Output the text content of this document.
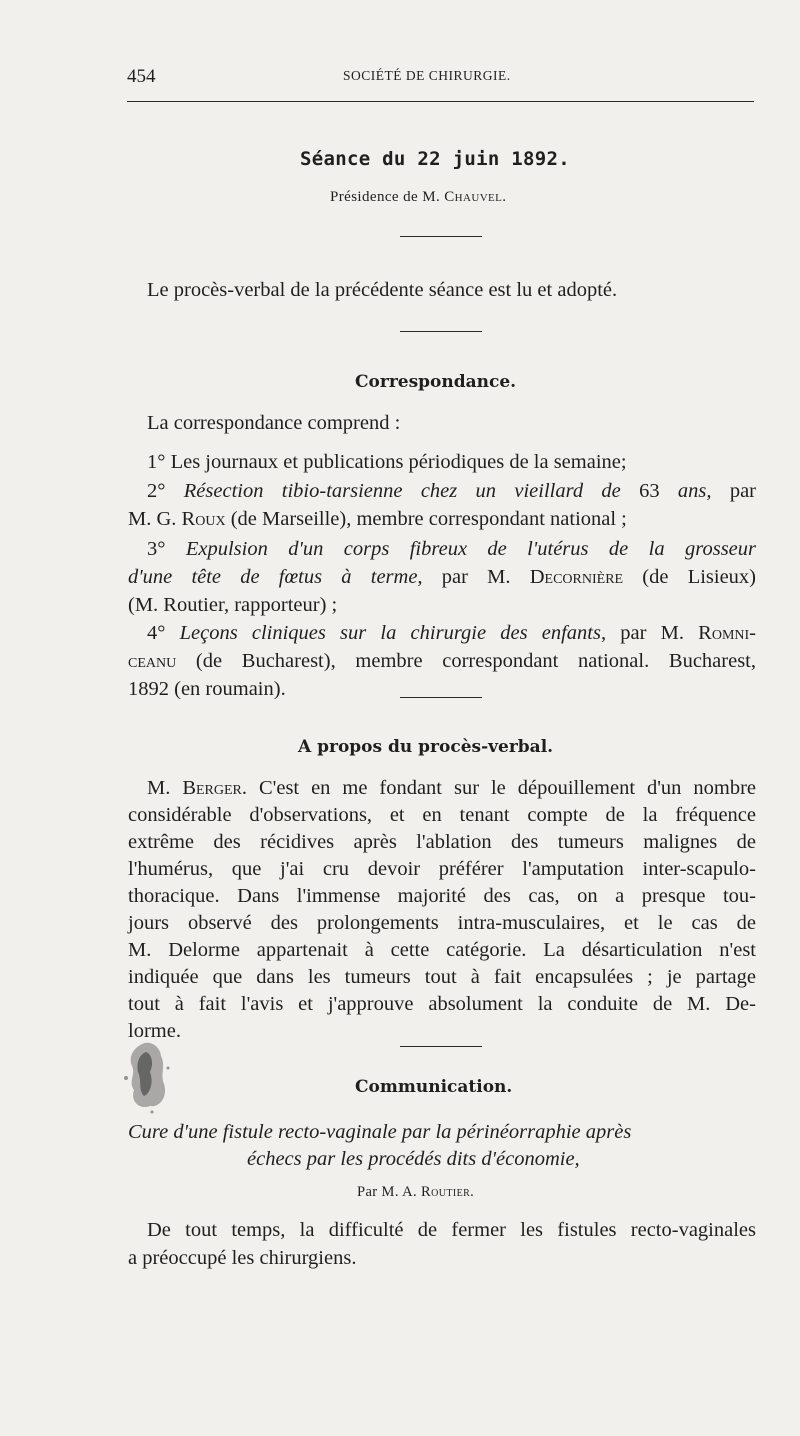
454	SOCIÉTÉ DE CHIRURGIE.
Séance du 22 juin 1892.
Présidence de M. Chauvel.
Le procès-verbal de la précédente séance est lu et adopté.
Correspondance.
La correspondance comprend :
1° Les journaux et publications périodiques de la semaine;
2° Résection tibio-tarsienne chez un vieillard de 63 ans, par
M. G. Roux (de Marseille), membre correspondant national ;
3° Expulsion d'un corps fibreux de l'utérus de la grosseur
d'une tête de fœtus à terme, par M. Decornière (de Lisieux)
(M. Routier, rapporteur) ;
4° Leçons cliniques sur la chirurgie des enfants, par M. Romni-
ceanu (de Bucharest), membre correspondant national. Bucharest,
1892 (en roumain).
A propos du procès-verbal.
M. Berger. C'est en me fondant sur le dépouillement d'un nombre
considérable d'observations, et en tenant compte de la fréquence
extrême des récidives après l'ablation des tumeurs malignes de
l'humérus, que j'ai cru devoir préférer l'amputation inter-scapulo-
thoracique. Dans l'immense majorité des cas, on a presque tou-
jours observé des prolongements intra-musculaires, et le cas de
M. Delorme appartenait à cette catégorie. La désarticulation n'est
indiquée que dans les tumeurs tout à fait encapsulées ; je partage
tout à fait l'avis et j'approuve absolument la conduite de M. De-
lorme.
Communication.
Cure d'une fistule recto-vaginale par la périnéorraphie après
échecs par les procédés dits d'économie,
Par M. A. Routier.
De tout temps, la difficulté de fermer les fistules recto-vaginales
a préoccupé les chirurgiens.
